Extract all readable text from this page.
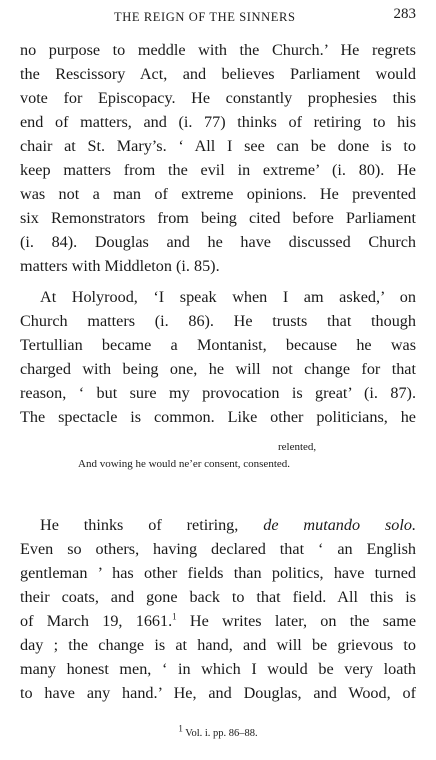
THE REIGN OF THE SINNERS	283
no purpose to meddle with the Church.’ He regrets
the Rescissory Act, and believes Parliament would
vote for Episcopacy. He constantly prophesies this
end of matters, and (i. 77) thinks of retiring to his
chair at St. Mary’s. ‘ All I see can be done is to
keep matters from the evil in extreme’ (i. 80). He
was not a man of extreme opinions. He prevented
six Remonstrators from being cited before Parliament
(i. 84). Douglas and he have discussed Church
matters with Middleton (i. 85).
At Holyrood, ‘I speak when I am asked,’ on
Church matters (i. 86). He trusts that though
Tertullian became a Montanist, because he was
charged with being one, he will not change for that
reason, ‘ but sure my provocation is great’ (i. 87).
The spectacle is common. Like other politicians, he
relented,
And vowing he would ne’er consent, consented.
He thinks of retiring, de mutando solo.
Even so others, having declared that ‘ an English
gentleman ’ has other fields than politics, have turned
their coats, and gone back to that field. All this is
of March 19, 1661.$^1$ He writes later, on the same
day ; the change is at hand, and will be grievous to
many honest men, ‘ in which I would be very loath
to have any hand.’ He, and Douglas, and Wood, of
$^1$ Vol. i. pp. 86–88.
